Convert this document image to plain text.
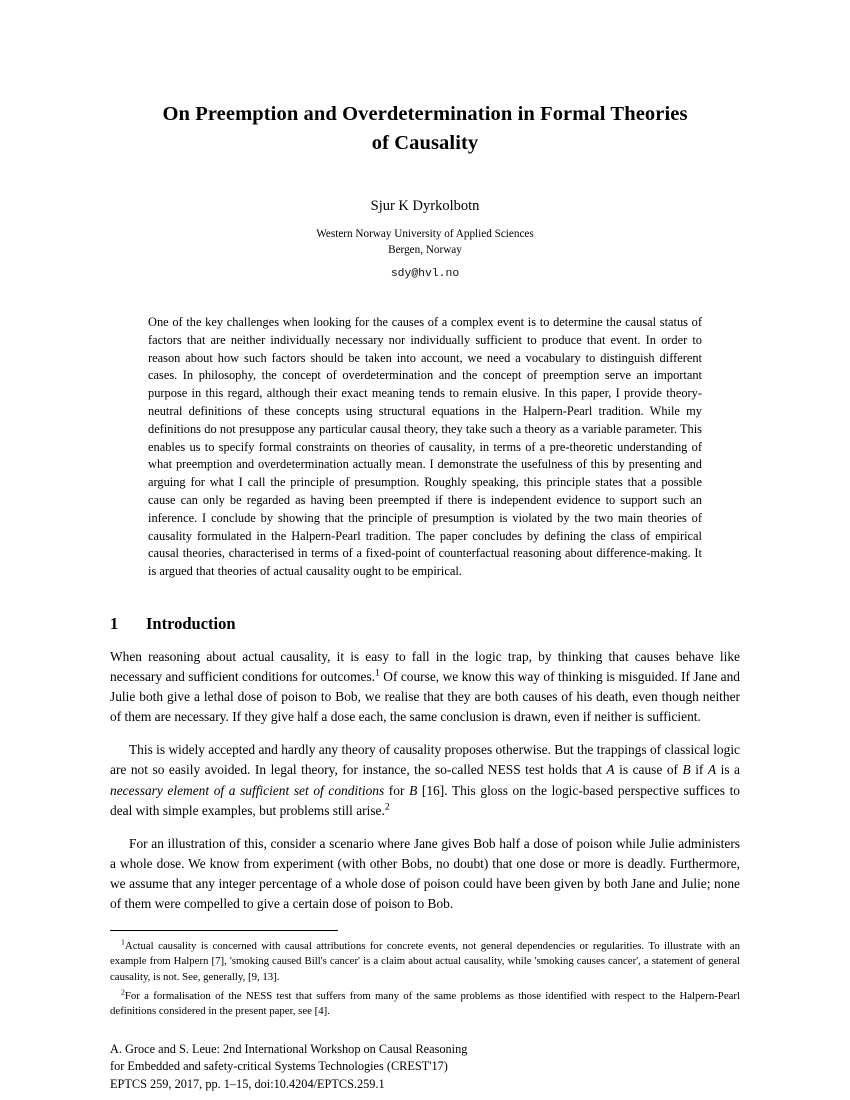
On Preemption and Overdetermination in Formal Theories
of Causality
Sjur K Dyrkolbotn
Western Norway University of Applied Sciences
Bergen, Norway
sdy@hvl.no
One of the key challenges when looking for the causes of a complex event is to determine the causal status of factors that are neither individually necessary nor individually sufficient to produce that event. In order to reason about how such factors should be taken into account, we need a vocabulary to distinguish different cases. In philosophy, the concept of overdetermination and the concept of preemption serve an important purpose in this regard, although their exact meaning tends to remain elusive. In this paper, I provide theory-neutral definitions of these concepts using structural equations in the Halpern-Pearl tradition. While my definitions do not presuppose any particular causal theory, they take such a theory as a variable parameter. This enables us to specify formal constraints on theories of causality, in terms of a pre-theoretic understanding of what preemption and overdetermination actually mean. I demonstrate the usefulness of this by presenting and arguing for what I call the principle of presumption. Roughly speaking, this principle states that a possible cause can only be regarded as having been preempted if there is independent evidence to support such an inference. I conclude by showing that the principle of presumption is violated by the two main theories of causality formulated in the Halpern-Pearl tradition. The paper concludes by defining the class of empirical causal theories, characterised in terms of a fixed-point of counterfactual reasoning about difference-making. It is argued that theories of actual causality ought to be empirical.
1	Introduction

When reasoning about actual causality, it is easy to fall in the logic trap, by thinking that causes behave like necessary and sufficient conditions for outcomes.$^1$ Of course, we know this way of thinking is misguided. If Jane and Julie both give a lethal dose of poison to Bob, we realise that they are both causes of his death, even though neither of them are necessary. If they give half a dose each, the same conclusion is drawn, even if neither is sufficient.

This is widely accepted and hardly any theory of causality proposes otherwise. But the trappings of classical logic are not so easily avoided. In legal theory, for instance, the so-called NESS test holds that A is cause of B if A is a necessary element of a sufficient set of conditions for B [16]. This gloss on the logic-based perspective suffices to deal with simple examples, but problems still arise.$^2$

For an illustration of this, consider a scenario where Jane gives Bob half a dose of poison while Julie administers a whole dose. We know from experiment (with other Bobs, no doubt) that one dose or more is deadly. Furthermore, we assume that any integer percentage of a whole dose of poison could have been given by both Jane and Julie; none of them were compelled to give a certain dose of poison to Bob.

$^1$Actual causality is concerned with causal attributions for concrete events, not general dependencies or regularities. To illustrate with an example from Halpern [7], 'smoking caused Bill's cancer' is a claim about actual causality, while 'smoking causes cancer', a statement of general causality, is not. See, generally, [9, 13].

$^2$For a formalisation of the NESS test that suffers from many of the same problems as those identified with respect to the Halpern-Pearl definitions considered in the present paper, see [4].

A. Groce and S. Leue: 2nd International Workshop on Causal Reasoning
for Embedded and safety-critical Systems Technologies (CREST'17)
EPTCS 259, 2017, pp. 1–15, doi:10.4204/EPTCS.259.1
